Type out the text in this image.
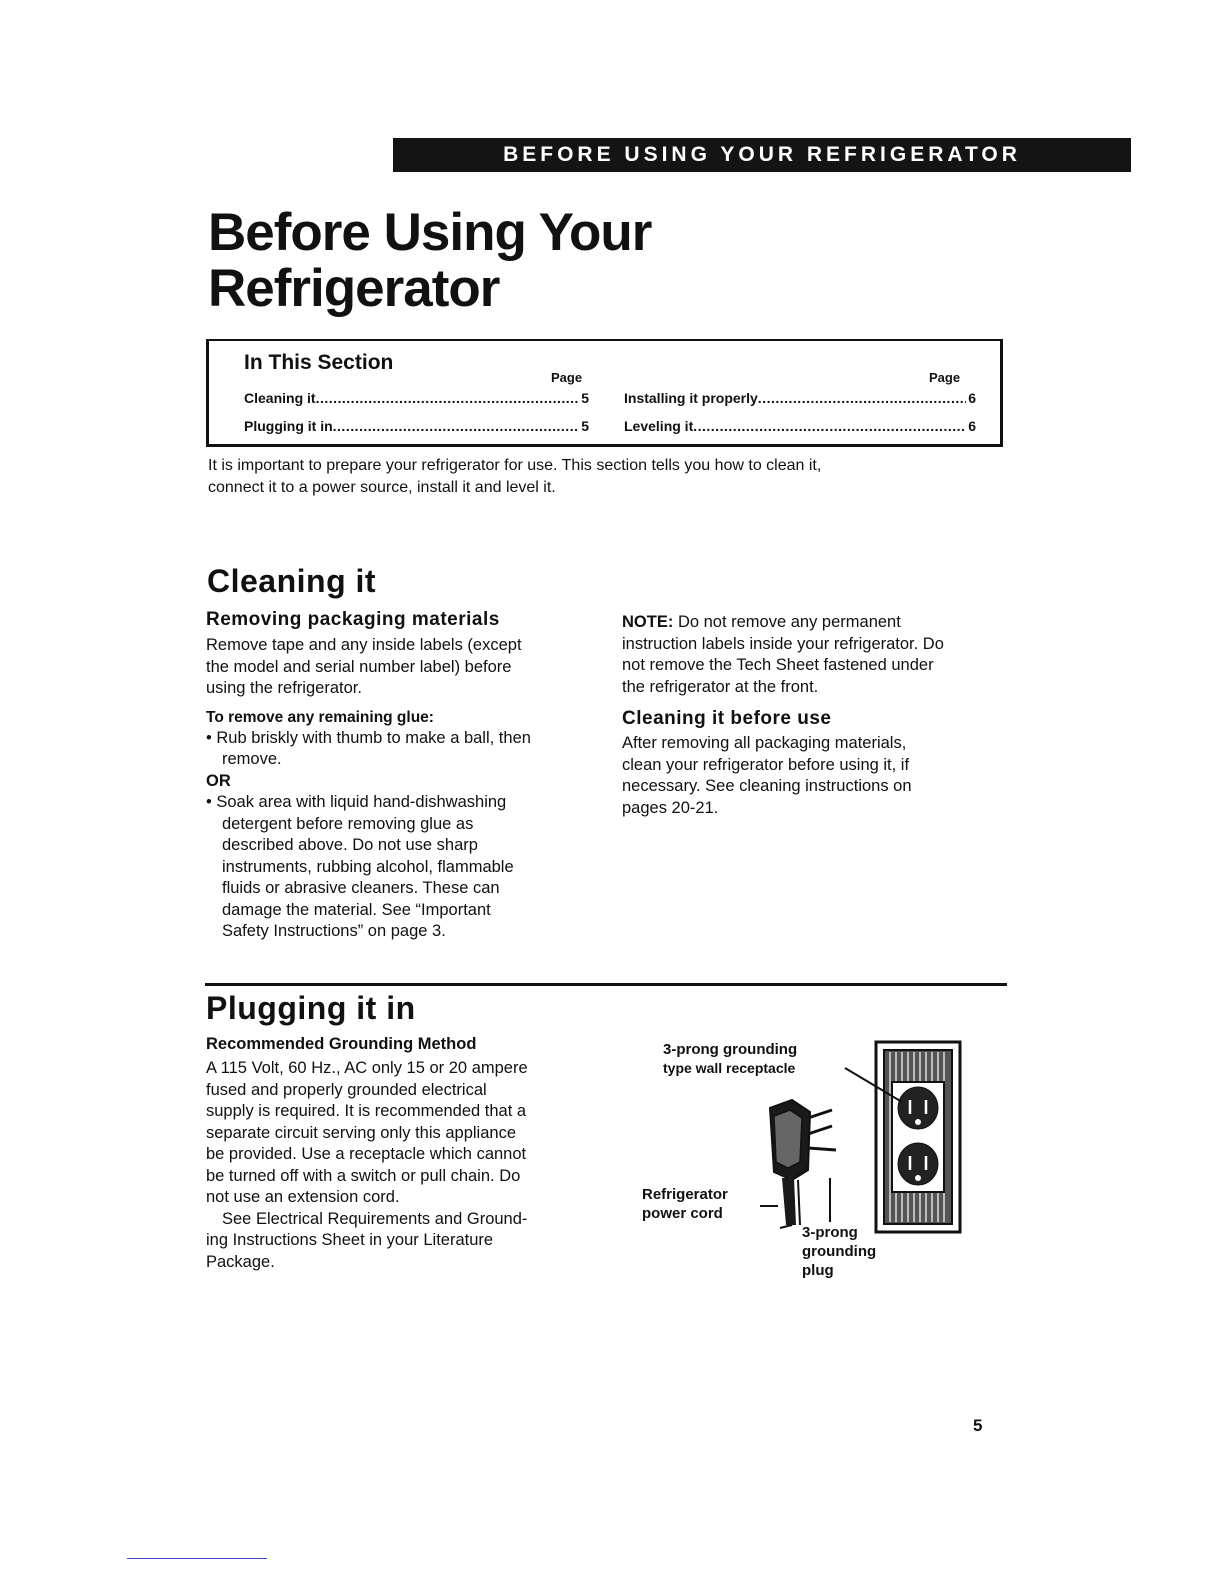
BEFORE USING YOUR REFRIGERATOR
Before Using Your
Refrigerator
In This Section
Page	Page
Cleaning it .....	5
Plugging it in .....	5
Installing it properly .....	6
Leveling it .....	6
It is important to prepare your refrigerator for use. This section tells you how to clean it,
connect it to a power source, install it and level it.
Cleaning it
Removing packaging materials
Remove tape and any inside labels (except
the model and serial number label) before
using the refrigerator.
To remove any remaining glue:
• Rub briskly with thumb to make a ball, then
remove.
OR
• Soak area with liquid hand-dishwashing
detergent before removing glue as
described above. Do not use sharp
instruments, rubbing alcohol, flammable
fluids or abrasive cleaners. These can
damage the material. See “Important
Safety Instructions” on page 3.
NOTE: Do not remove any permanent
instruction labels inside your refrigerator. Do
not remove the Tech Sheet fastened under
the refrigerator at the front.
Cleaning it before use
After removing all packaging materials,
clean your refrigerator before using it, if
necessary. See cleaning instructions on
pages 20-21.
Plugging it in
Recommended Grounding Method
A 115 Volt, 60 Hz., AC only 15 or 20 ampere
fused and properly grounded electrical
supply is required. It is recommended that a
separate circuit serving only this appliance
be provided. Use a receptacle which cannot
be turned off with a switch or pull chain. Do
not use an extension cord.
See Electrical Requirements and Ground-
ing Instructions Sheet in your Literature
Package.
3-prong grounding
type wall receptacle
Refrigerator
power cord
3-prong
grounding
plug
5
